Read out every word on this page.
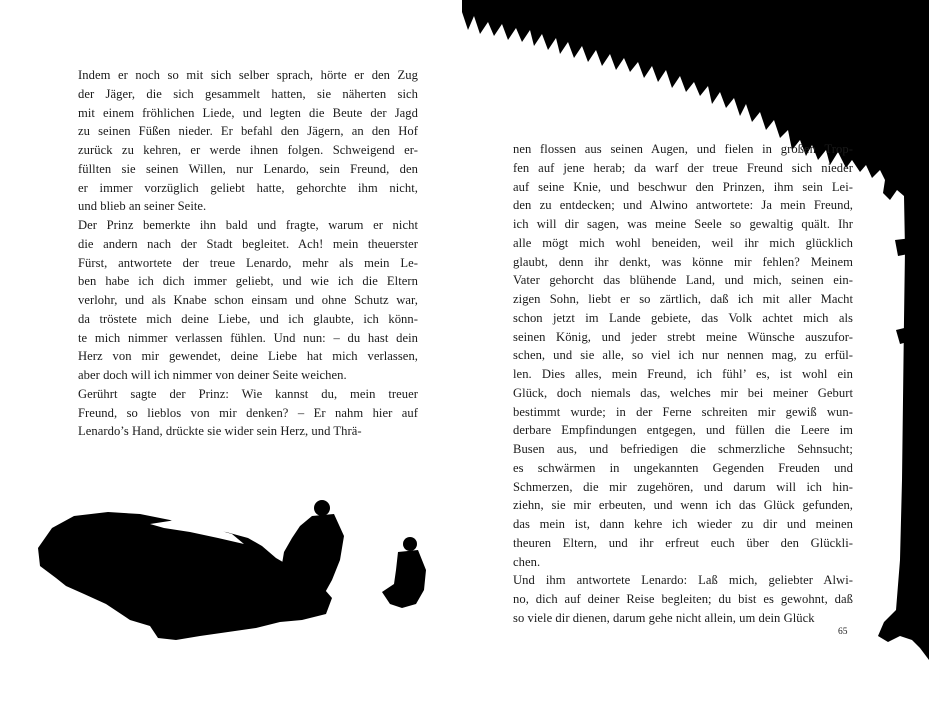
Indem er noch so mit sich selber sprach, hörte er den Zug
der Jäger, die sich gesammelt hatten, sie näherten sich
mit einem fröhlichen Liede, und legten die Beute der Jagd
zu seinen Füßen nieder. Er befahl den Jägern, an den Hof
zurück zu kehren, er werde ihnen folgen. Schweigend er-
füllten sie seinen Willen, nur Lenardo, sein Freund, den
er immer vorzüglich geliebt hatte, gehorchte ihm nicht,
und blieb an seiner Seite.
Der Prinz bemerkte ihn bald und fragte, warum er nicht
die andern nach der Stadt begleitet. Ach! mein theuerster
Fürst, antwortete der treue Lenardo, mehr als mein Le-
ben habe ich dich immer geliebt, und wie ich die Eltern
verlohr, und als Knabe schon einsam und ohne Schutz war,
da tröstete mich deine Liebe, und ich glaubte, ich könn-
te mich nimmer verlassen fühlen. Und nun: – du hast dein
Herz von mir gewendet, deine Liebe hat mich verlassen,
aber doch will ich nimmer von deiner Seite weichen.
Gerührt sagte der Prinz: Wie kannst du, mein treuer
Freund, so lieblos von mir denken? – Er nahm hier auf
Lenardo’s Hand, drückte sie wider sein Herz, und Thrä-
nen flossen aus seinen Augen, und fielen in großen Trop-
fen auf jene herab; da warf der treue Freund sich nieder
auf seine Knie, und beschwur den Prinzen, ihm sein Lei-
den zu entdecken; und Alwino antwortete: Ja mein Freund,
ich will dir sagen, was meine Seele so gewaltig quält. Ihr
alle mögt mich wohl beneiden, weil ihr mich glücklich
glaubt, denn ihr denkt, was könne mir fehlen? Meinem
Vater gehorcht das blühende Land, und mich, seinen ein-
zigen Sohn, liebt er so zärtlich, daß ich mit aller Macht
schon jetzt im Lande gebiete, das Volk achtet mich als
seinen König, und jeder strebt meine Wünsche auszufor-
schen, und sie alle, so viel ich nur nennen mag, zu erfül-
len. Dies alles, mein Freund, ich fühl’ es, ist wohl ein
Glück, doch niemals das, welches mir bei meiner Geburt
bestimmt wurde; in der Ferne schreiten mir gewiß wun-
derbare Empfindungen entgegen, und füllen die Leere im
Busen aus, und befriedigen die schmerzliche Sehnsucht;
es schwärmen in ungekannten Gegenden Freuden und
Schmerzen, die mir zugehören, und darum will ich hin-
ziehn, sie mir erbeuten, und wenn ich das Glück gefunden,
das mein ist, dann kehre ich wieder zu dir und meinen
theuren Eltern, und ihr erfreut euch über den Glückli-
chen.
Und ihm antwortete Lenardo: Laß mich, geliebter Alwi-
no, dich auf deiner Reise begleiten; du bist es gewohnt, daß
so viele dir dienen, darum gehe nicht allein, um dein Glück
65
